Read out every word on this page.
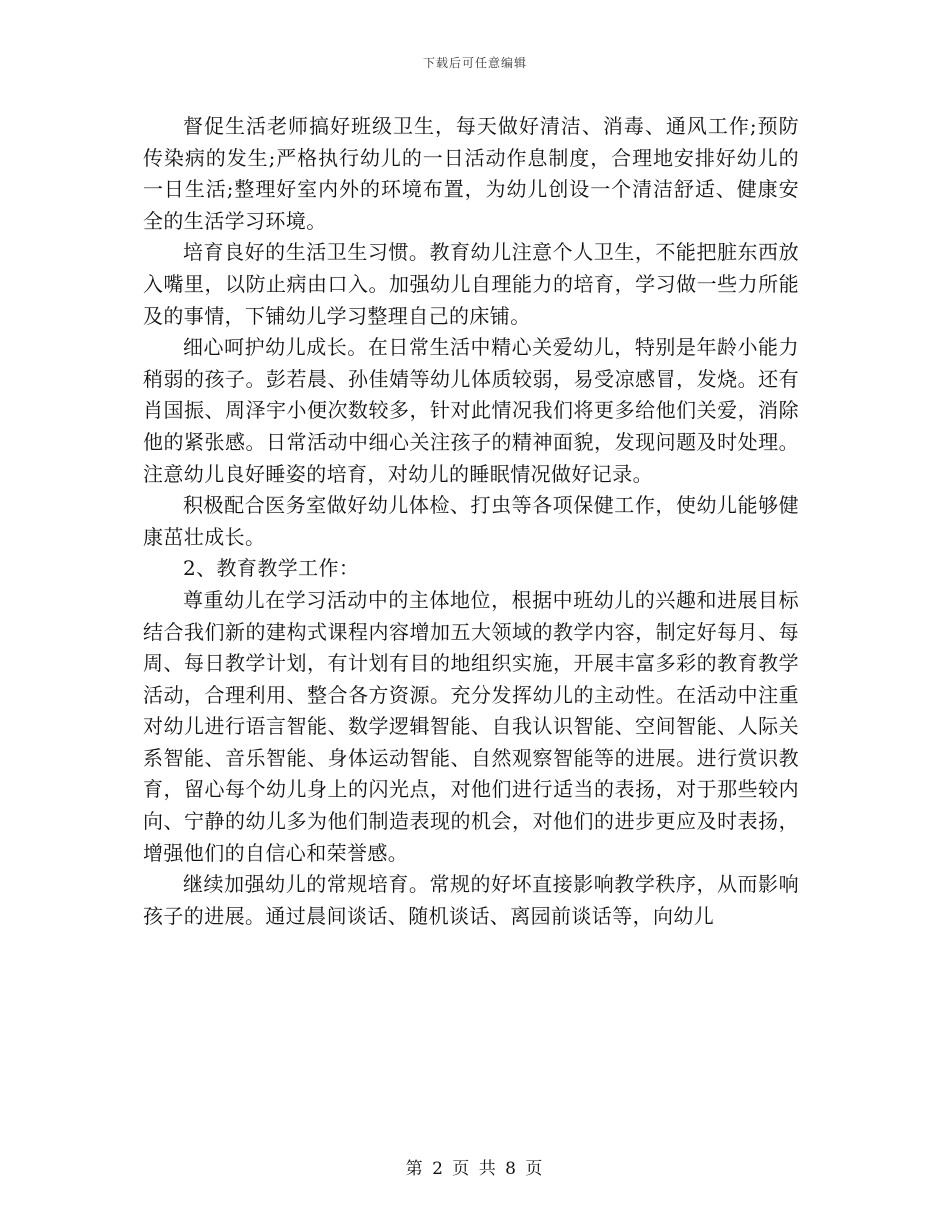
下载后可任意编辑

督促生活老师搞好班级卫生，每天做好清洁、消毒、通风工作;预防传染病的发生;严格执行幼儿的一日活动作息制度，合理地安排好幼儿的一日生活;整理好室内外的环境布置，为幼儿创设一个清洁舒适、健康安全的生活学习环境。

培育良好的生活卫生习惯。教育幼儿注意个人卫生，不能把脏东西放入嘴里，以防止病由口入。加强幼儿自理能力的培育，学习做一些力所能及的事情，下铺幼儿学习整理自己的床铺。

细心呵护幼儿成长。在日常生活中精心关爱幼儿，特别是年龄小能力稍弱的孩子。彭若晨、孙佳婧等幼儿体质较弱，易受凉感冒，发烧。还有肖国振、周泽宇小便次数较多，针对此情况我们将更多给他们关爱，消除他的紧张感。日常活动中细心关注孩子的精神面貌，发现问题及时处理。注意幼儿良好睡姿的培育，对幼儿的睡眠情况做好记录。

积极配合医务室做好幼儿体检、打虫等各项保健工作，使幼儿能够健康茁壮成长。

2、教育教学工作：

尊重幼儿在学习活动中的主体地位，根据中班幼儿的兴趣和进展目标结合我们新的建构式课程内容增加五大领域的教学内容，制定好每月、每周、每日教学计划，有计划有目的地组织实施，开展丰富多彩的教育教学活动，合理利用、整合各方资源。充分发挥幼儿的主动性。在活动中注重对幼儿进行语言智能、数学逻辑智能、自我认识智能、空间智能、人际关系智能、音乐智能、身体运动智能、自然观察智能等的进展。进行赏识教育，留心每个幼儿身上的闪光点，对他们进行适当的表扬，对于那些较内向、宁静的幼儿多为他们制造表现的机会，对他们的进步更应及时表扬，增强他们的自信心和荣誉感。

继续加强幼儿的常规培育。常规的好坏直接影响教学秩序，从而影响孩子的进展。通过晨间谈话、随机谈话、离园前谈话等，向幼儿

第 2 页 共 8 页
